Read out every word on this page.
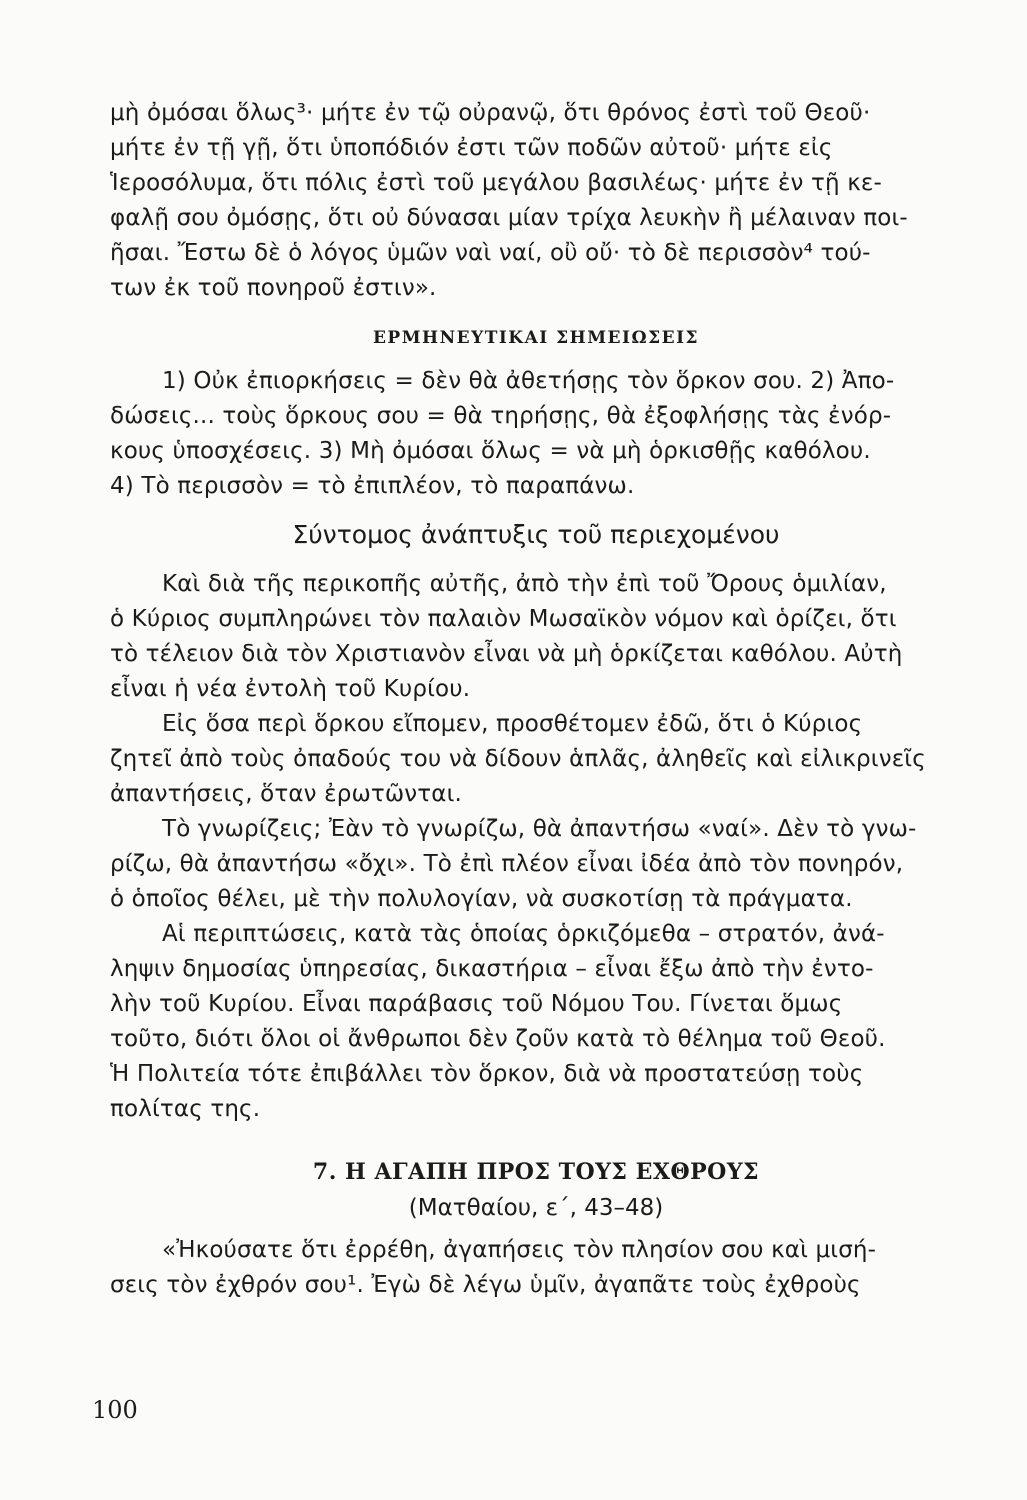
μὴ ὀμόσαι ὅλως³· μήτε ἐν τῷ οὐρανῷ, ὅτι θρόνος ἐστὶ τοῦ Θεοῦ·
μήτε ἐν τῇ γῇ, ὅτι ὑποπόδιόν ἐστι τῶν ποδῶν αὐτοῦ· μήτε εἰς
Ἱεροσόλυμα, ὅτι πόλις ἐστὶ τοῦ μεγάλου βασιλέως· μήτε ἐν τῇ κε-
φαλῇ σου ὀμόσῃς, ὅτι οὐ δύνασαι μίαν τρίχα λευκὴν ἢ μέλαιναν ποι-
ῆσαι. Ἔστω δὲ ὁ λόγος ὑμῶν ναὶ ναί, οὒ οὔ· τὸ δὲ περισσὸν⁴ τού-
των ἐκ τοῦ πονηροῦ ἐστιν».
ΕΡΜΗΝΕΥΤΙΚΑΙ ΣΗΜΕΙΩΣΕΙΣ
1) Οὐκ ἐπιορκήσεις = δὲν θὰ ἀθετήσῃς τὸν ὅρκον σου. 2) Ἀπο-
δώσεις... τοὺς ὅρκους σου = θὰ τηρήσῃς, θὰ ἐξοφλήσῃς τὰς ἐνόρ-
κους ὑποσχέσεις. 3) Μὴ ὀμόσαι ὅλως = νὰ μὴ ὁρκισθῇς καθόλου.
4) Τὸ περισσὸν = τὸ ἐπιπλέον, τὸ παραπάνω.
Σύντομος ἀνάπτυξις τοῦ περιεχομένου
Καὶ διὰ τῆς περικοπῆς αὐτῆς, ἀπὸ τὴν ἐπὶ τοῦ Ὄρους ὁμιλίαν,
ὁ Κύριος συμπληρώνει τὸν παλαιὸν Μωσαϊκὸν νόμον καὶ ὁρίζει, ὅτι
τὸ τέλειον διὰ τὸν Χριστιανὸν εἶναι νὰ μὴ ὁρκίζεται καθόλου. Αὐτὴ
εἶναι ἡ νέα ἐντολὴ τοῦ Κυρίου.
Εἰς ὅσα περὶ ὅρκου εἴπομεν, προσθέτομεν ἐδῶ, ὅτι ὁ Κύριος
ζητεῖ ἀπὸ τοὺς ὀπαδούς του νὰ δίδουν ἁπλᾶς, ἀληθεῖς καὶ εἰλικρινεῖς
ἀπαντήσεις, ὅταν ἐρωτῶνται.
Τὸ γνωρίζεις; Ἐὰν τὸ γνωρίζω, θὰ ἀπαντήσω «ναί». Δὲν τὸ γνω-
ρίζω, θὰ ἀπαντήσω «ὄχι». Τὸ ἐπὶ πλέον εἶναι ἰδέα ἀπὸ τὸν πονηρόν,
ὁ ὁποῖος θέλει, μὲ τὴν πολυλογίαν, νὰ συσκοτίσῃ τὰ πράγματα.
Αἱ περιπτώσεις, κατὰ τὰς ὁποίας ὁρκιζόμεθα – στρατόν, ἀνά-
ληψιν δημοσίας ὑπηρεσίας, δικαστήρια – εἶναι ἔξω ἀπὸ τὴν ἐντο-
λὴν τοῦ Κυρίου. Εἶναι παράβασις τοῦ Νόμου Του. Γίνεται ὅμως
τοῦτο, διότι ὅλοι οἱ ἄνθρωποι δὲν ζοῦν κατὰ τὸ θέλημα τοῦ Θεοῦ.
Ἡ Πολιτεία τότε ἐπιβάλλει τὸν ὅρκον, διὰ νὰ προστατεύσῃ τοὺς
πολίτας της.
7. Η ΑΓΑΠΗ ΠΡΟΣ ΤΟΥΣ ΕΧΘΡΟΥΣ
(Ματθαίου, ε΄, 43–48)
«Ἠκούσατε ὅτι ἐρρέθη, ἀγαπήσεις τὸν πλησίον σου καὶ μισή-
σεις τὸν ἐχθρόν σου¹. Ἐγὼ δὲ λέγω ὑμῖν, ἀγαπᾶτε τοὺς ἐχθροὺς
100
